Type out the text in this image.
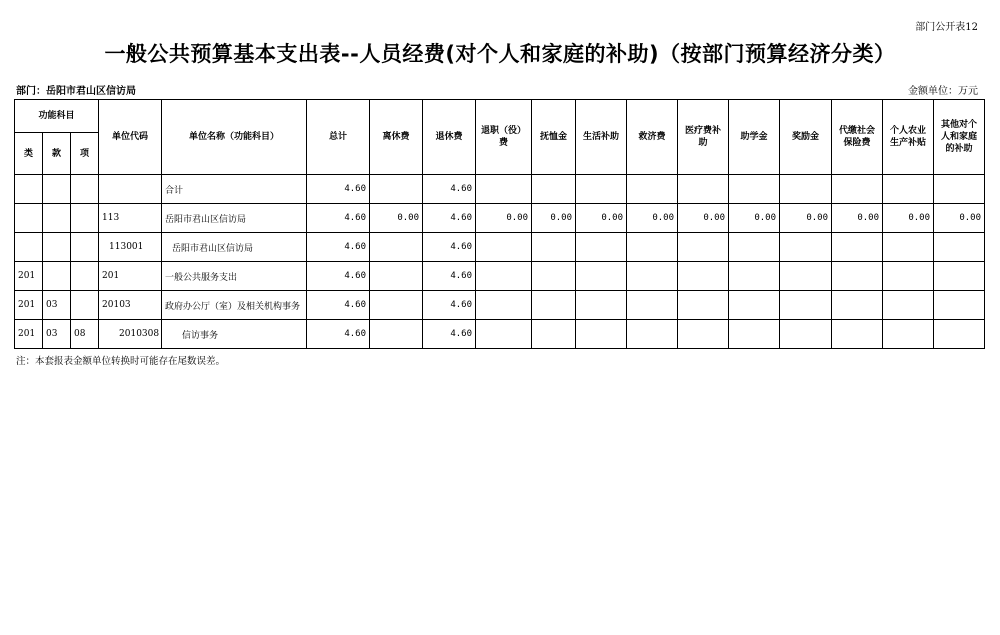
部门公开表12
一般公共预算基本支出表--人员经费(对个人和家庭的补助)（按部门预算经济分类）
部门：岳阳市君山区信访局	金额单位：万元
功能科目			单位代码	单位名称（功能科目）	总计	离休费	退休费	退职（役）费	抚恤金	生活补助	救济费	医疗费补助	助学金	奖励金	代缴社会保险费	个人农业生产补贴	其他对个人和家庭的补助
类	款	项															
				合计	4.60		4.60										
			113	岳阳市君山区信访局	4.60	0.00	4.60	0.00	0.00	0.00	0.00	0.00	0.00	0.00	0.00	0.00	0.00
			113001	岳阳市君山区信访局	4.60		4.60										
201			201	一般公共服务支出	4.60		4.60										
201	03		20103	政府办公厅（室）及相关机构事务	4.60		4.60										
201	03	08	2010308	信访事务	4.60		4.60										
注：本套报表金额单位转换时可能存在尾数误差。
